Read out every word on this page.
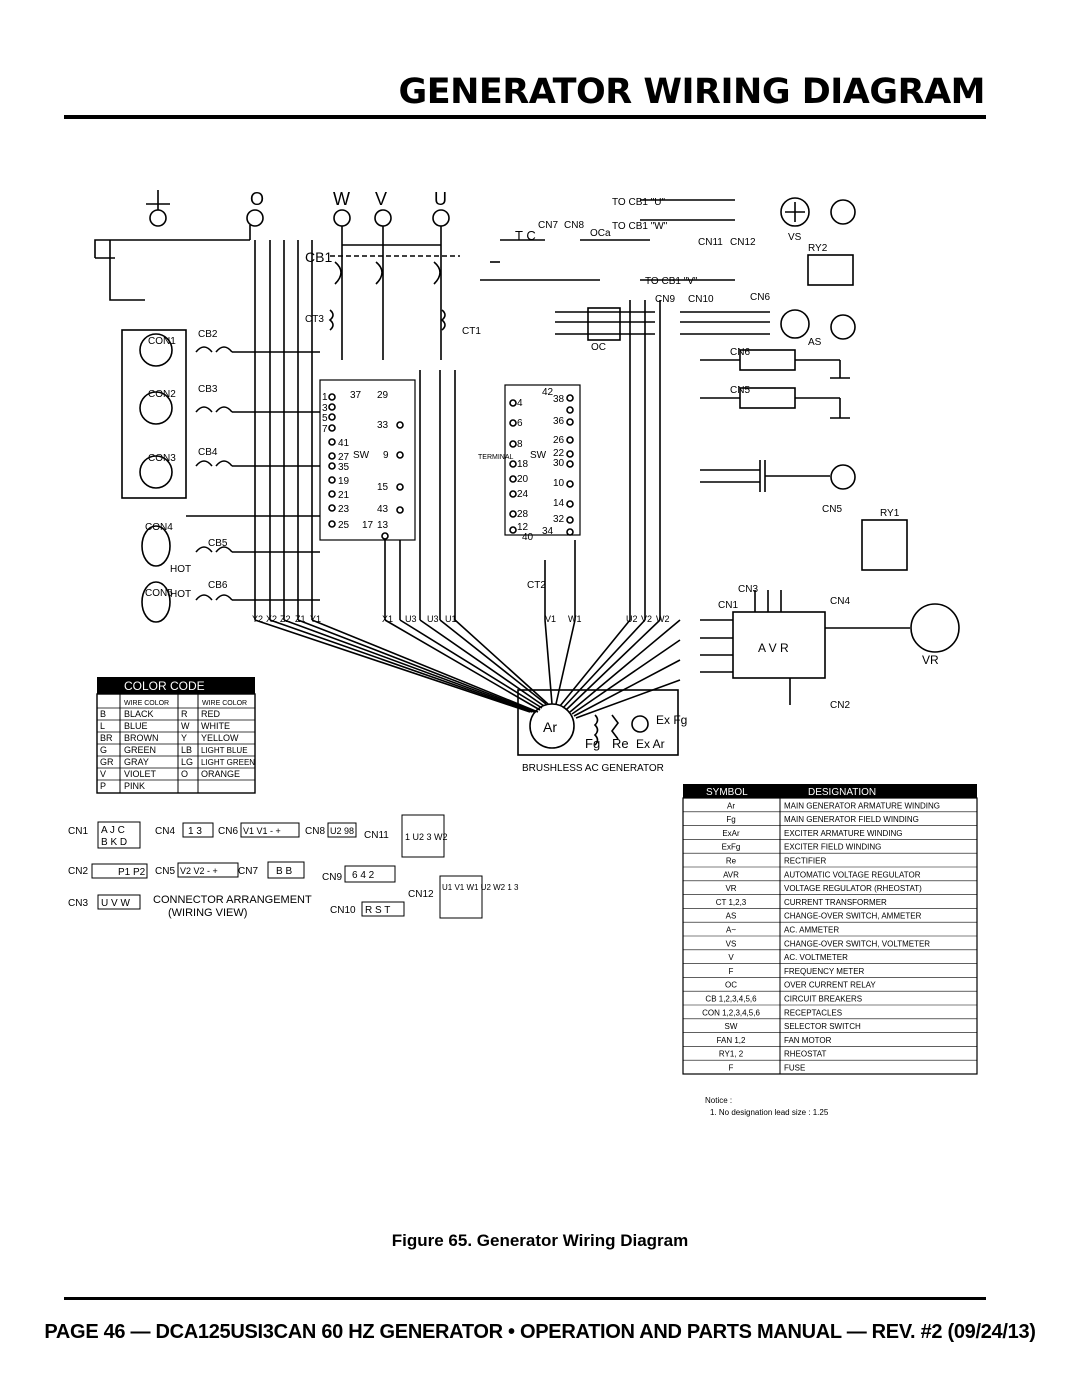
GENERATOR WIRING DIAGRAM
O	W V	U	TO CB1 "U"
TO CB1 "W"
TO CB1 "V"
CB1
T C	OCa
OC
VS
AS
RY1
RY2
SW	SW
Ar
Fg Re Ex Ar
Ex Fg
A V R
VR
BRUSHLESS AC GENERATOR
CT2
CT3
CT1
HOT
HOT
TERMINAL
CON1
CON2
CON3
CON4
CON5
CB2
CB3
CB4
CB5
CB6
CN7 CN8
CN9 CN10
CN11 CN12
CN6
CN6
CN5
CN5
CN3
CN1	CN4
CN2
Y2 X2 Z2 Z1 Y1	X1 U3 U3 U1	V1 W1	U2 V2 W2
1
3
5
7
41
27
35
19
21
23
25
37 29
33
9
15
43
17 13
4
6
8
18
20
24
28
12
40
42
38
36
26
22
30
10
14
32
34
COLOR CODE
WIRE COLOR	WIRE COLOR
B BLACK	R RED
L BLUE	W WHITE
BR BROWN	Y YELLOW
G GREEN	LB LIGHT BLUE
GR GRAY	LG LIGHT GREEN
V VIOLET	O ORANGE
P PINK
CN1 A J C
B K D
CN2	P1 P2
CN3 U V W
CN4 1 3
CN5 V2 V2 - +
CN6 V1 V1 - +
CN7 B B
CN8 U2 98
CN9 6 4 2
CN10 R S T
CN11 1 U2 3 W2
CN12
U1 V1 W1 U2 W2 1 3
CONNECTOR ARRANGEMENT
(WIRING VIEW)
SYMBOL	DESIGNATION
Ar	MAIN GENERATOR ARMATURE WINDING
Fg	MAIN GENERATOR FIELD WINDING
ExAr	EXCITER ARMATURE WINDING
ExFg	EXCITER FIELD WINDING
Re	RECTIFIER
AVR	AUTOMATIC VOLTAGE REGULATOR
VR	VOLTAGE REGULATOR (RHEOSTAT)
CT 1,2,3	CURRENT TRANSFORMER
AS	CHANGE-OVER SWITCH, AMMETER
A~	AC. AMMETER
VS	CHANGE-OVER SWITCH, VOLTMETER
V	AC. VOLTMETER
F	FREQUENCY METER
OC	OVER CURRENT RELAY
CB 1,2,3,4,5,6	CIRCUIT BREAKERS
CON 1,2,3,4,5,6	RECEPTACLES
SW	SELECTOR SWITCH
FAN 1,2	FAN MOTOR
RY1, 2	RHEOSTAT
F	FUSE
Notice :
1. No designation lead size : 1.25
Figure 65. Generator Wiring Diagram
PAGE 46 — DCA125USI3CAN 60 HZ GENERATOR • OPERATION AND PARTS MANUAL — REV. #2 (09/24/13)
